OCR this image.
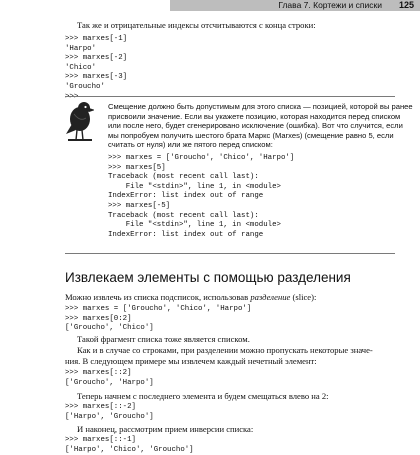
Глава 7. Кортежи и списки 125
Так же и отрицательные индексы отсчитываются с конца строки:
>>> marxes[-1]
'Harpo'
>>> marxes[-2]
'Chico'
>>> marxes[-3]
'Groucho'

Смещение должно быть допустимым для этого списка — позицией, которой вы ранее
присвоили значение. Если вы укажете позицию, которая находится перед списком
или после него, будет сгенерировано исключение (ошибка). Вот что случится, если
мы попробуем получить шестого брата Маркс (Marxes) (смещение равно 5, если
считать от нуля) или же пятого перед списком:
>>> marxes = ['Groucho', 'Chico', 'Harpo']
>>> marxes[5]
Traceback (most recent call last):
File "<stdin>", line 1, in <module>
IndexError: list index out of range
>>> marxes[-5]
Traceback (most recent call last):
File "<stdin>", line 1, in <module>
IndexError: list index out of range
Извлекаем элементы с помощью разделения
Можно извлечь из списка подсписок, использовав разделение (slice):
>>> marxes = ['Groucho', 'Chico', 'Harpo']
>>> marxes[0:2]
['Groucho', 'Chico']
Такой фрагмент списка тоже является списком.
Как и в случае со строками, при разделении можно пропускать некоторые значе-
ния. В следующем примере мы извлечем каждый нечетный элемент:
>>> marxes[::2]
['Groucho', 'Harpo']
Теперь начнем с последнего элемента и будем смещаться влево на 2:
>>> marxes[::-2]
['Harpo', 'Groucho']
И наконец, рассмотрим прием инверсии списка:
>>> marxes[::-1]
['Harpo', 'Chico', 'Groucho']
